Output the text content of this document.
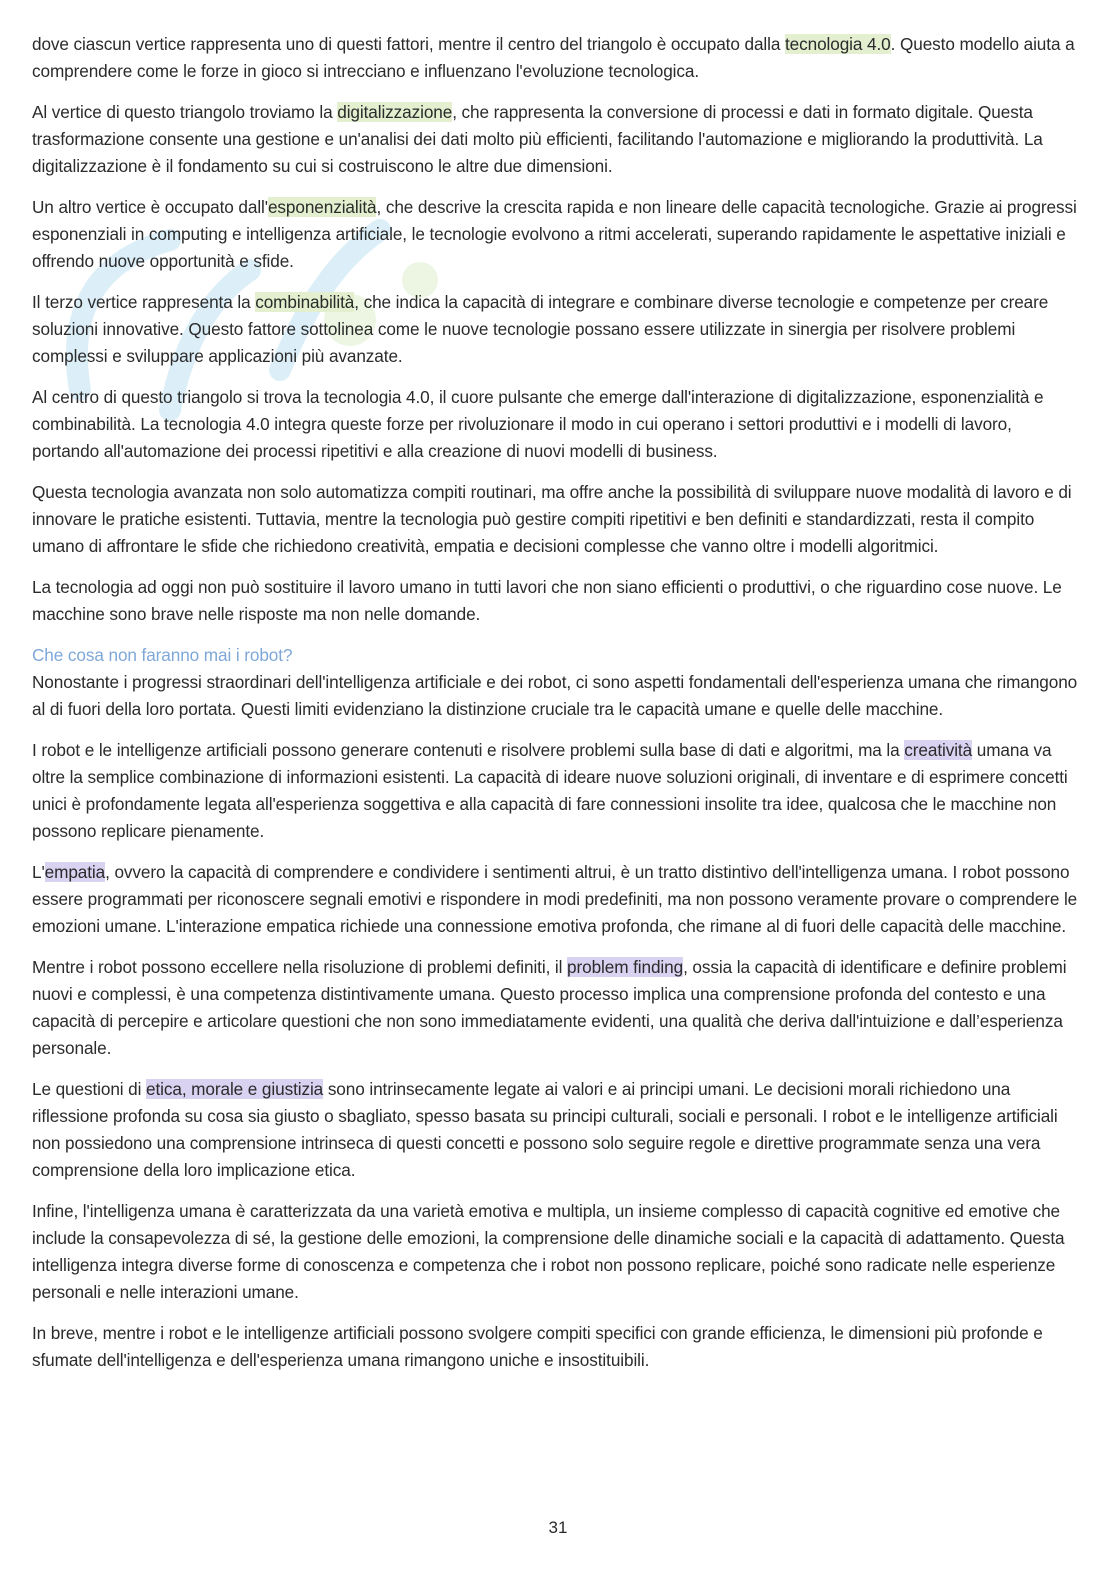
dove ciascun vertice rappresenta uno di questi fattori, mentre il centro del triangolo è occupato dalla tecnologia 4.0. Questo modello aiuta a comprendere come le forze in gioco si intrecciano e influenzano l'evoluzione tecnologica.

Al vertice di questo triangolo troviamo la digitalizzazione, che rappresenta la conversione di processi e dati in formato digitale. Questa trasformazione consente una gestione e un'analisi dei dati molto più efficienti, facilitando l'automazione e migliorando la produttività. La digitalizzazione è il fondamento su cui si costruiscono le altre due dimensioni.

Un altro vertice è occupato dall'esponenzialità, che descrive la crescita rapida e non lineare delle capacità tecnologiche. Grazie ai progressi esponenziali in computing e intelligenza artificiale, le tecnologie evolvono a ritmi accelerati, superando rapidamente le aspettative iniziali e offrendo nuove opportunità e sfide.

Il terzo vertice rappresenta la combinabilità, che indica la capacità di integrare e combinare diverse tecnologie e competenze per creare soluzioni innovative. Questo fattore sottolinea come le nuove tecnologie possano essere utilizzate in sinergia per risolvere problemi complessi e sviluppare applicazioni più avanzate.

Al centro di questo triangolo si trova la tecnologia 4.0, il cuore pulsante che emerge dall'interazione di digitalizzazione, esponenzialità e combinabilità. La tecnologia 4.0 integra queste forze per rivoluzionare il modo in cui operano i settori produttivi e i modelli di lavoro, portando all'automazione dei processi ripetitivi e alla creazione di nuovi modelli di business.

Questa tecnologia avanzata non solo automatizza compiti routinari, ma offre anche la possibilità di sviluppare nuove modalità di lavoro e di innovare le pratiche esistenti. Tuttavia, mentre la tecnologia può gestire compiti ripetitivi e ben definiti e standardizzati, resta il compito umano di affrontare le sfide che richiedono creatività, empatia e decisioni complesse che vanno oltre i modelli algoritmici.

La tecnologia ad oggi non può sostituire il lavoro umano in tutti lavori che non siano efficienti o produttivi, o che riguardino cose nuove. Le macchine sono brave nelle risposte ma non nelle domande.

Che cosa non faranno mai i robot?

Nonostante i progressi straordinari dell'intelligenza artificiale e dei robot, ci sono aspetti fondamentali dell'esperienza umana che rimangono al di fuori della loro portata. Questi limiti evidenziano la distinzione cruciale tra le capacità umane e quelle delle macchine.

I robot e le intelligenze artificiali possono generare contenuti e risolvere problemi sulla base di dati e algoritmi, ma la creatività umana va oltre la semplice combinazione di informazioni esistenti. La capacità di ideare nuove soluzioni originali, di inventare e di esprimere concetti unici è profondamente legata all'esperienza soggettiva e alla capacità di fare connessioni insolite tra idee, qualcosa che le macchine non possono replicare pienamente.

L'empatia, ovvero la capacità di comprendere e condividere i sentimenti altrui, è un tratto distintivo dell'intelligenza umana. I robot possono essere programmati per riconoscere segnali emotivi e rispondere in modi predefiniti, ma non possono veramente provare o comprendere le emozioni umane. L'interazione empatica richiede una connessione emotiva profonda, che rimane al di fuori delle capacità delle macchine.

Mentre i robot possono eccellere nella risoluzione di problemi definiti, il problem finding, ossia la capacità di identificare e definire problemi nuovi e complessi, è una competenza distintivamente umana. Questo processo implica una comprensione profonda del contesto e una capacità di percepire e articolare questioni che non sono immediatamente evidenti, una qualità che deriva dall'intuizione e dall’esperienza personale.

Le questioni di etica, morale e giustizia sono intrinsecamente legate ai valori e ai principi umani. Le decisioni morali richiedono una riflessione profonda su cosa sia giusto o sbagliato, spesso basata su principi culturali, sociali e personali. I robot e le intelligenze artificiali non possiedono una comprensione intrinseca di questi concetti e possono solo seguire regole e direttive programmate senza una vera comprensione della loro implicazione etica.

Infine, l'intelligenza umana è caratterizzata da una varietà emotiva e multipla, un insieme complesso di capacità cognitive ed emotive che include la consapevolezza di sé, la gestione delle emozioni, la comprensione delle dinamiche sociali e la capacità di adattamento. Questa intelligenza integra diverse forme di conoscenza e competenza che i robot non possono replicare, poiché sono radicate nelle esperienze personali e nelle interazioni umane.

In breve, mentre i robot e le intelligenze artificiali possono svolgere compiti specifici con grande efficienza, le dimensioni più profonde e sfumate dell'intelligenza e dell'esperienza umana rimangono uniche e insostituibili.

31
